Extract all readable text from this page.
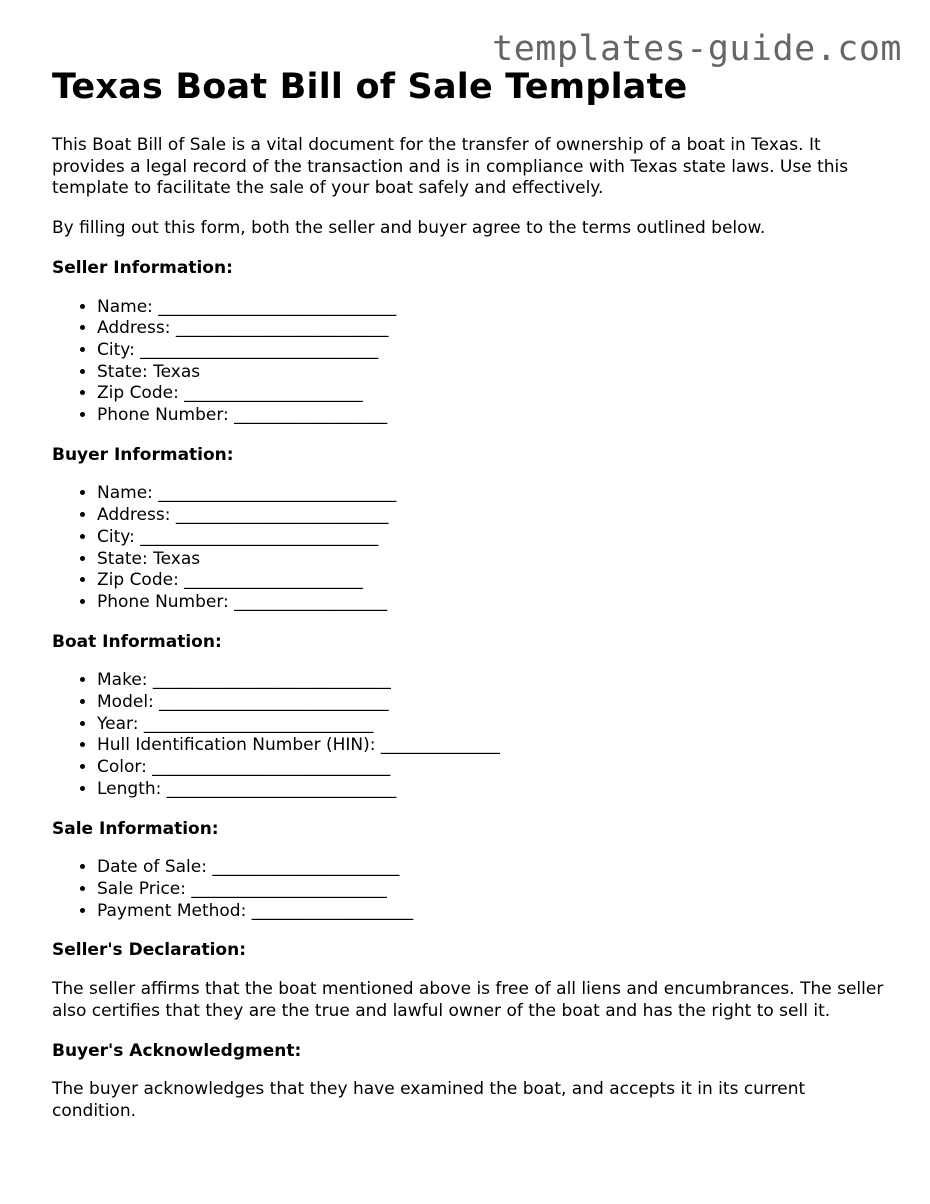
templates-guide.com
Texas Boat Bill of Sale Template

This Boat Bill of Sale is a vital document for the transfer of ownership of a boat in Texas. It provides a legal record of the transaction and is in compliance with Texas state laws. Use this template to facilitate the sale of your boat safely and effectively.

By filling out this form, both the seller and buyer agree to the terms outlined below.

Seller Information:
• Name: ____________________________
• Address: _________________________
• City: ____________________________
• State: Texas
• Zip Code: _____________________
• Phone Number: __________________
Buyer Information:
• Name: ____________________________
• Address: _________________________
• City: ____________________________
• State: Texas
• Zip Code: _____________________
• Phone Number: __________________
Boat Information:
• Make: ____________________________
• Model: ___________________________
• Year: ___________________________
• Hull Identification Number (HIN): ______________
• Color: ____________________________
• Length: ___________________________
Sale Information:
• Date of Sale: ______________________
• Sale Price: _______________________
• Payment Method: ___________________
Seller's Declaration:

The seller affirms that the boat mentioned above is free of all liens and encumbrances. The seller also certifies that they are the true and lawful owner of the boat and has the right to sell it.

Buyer's Acknowledgment:

The buyer acknowledges that they have examined the boat, and accepts it in its current condition.
